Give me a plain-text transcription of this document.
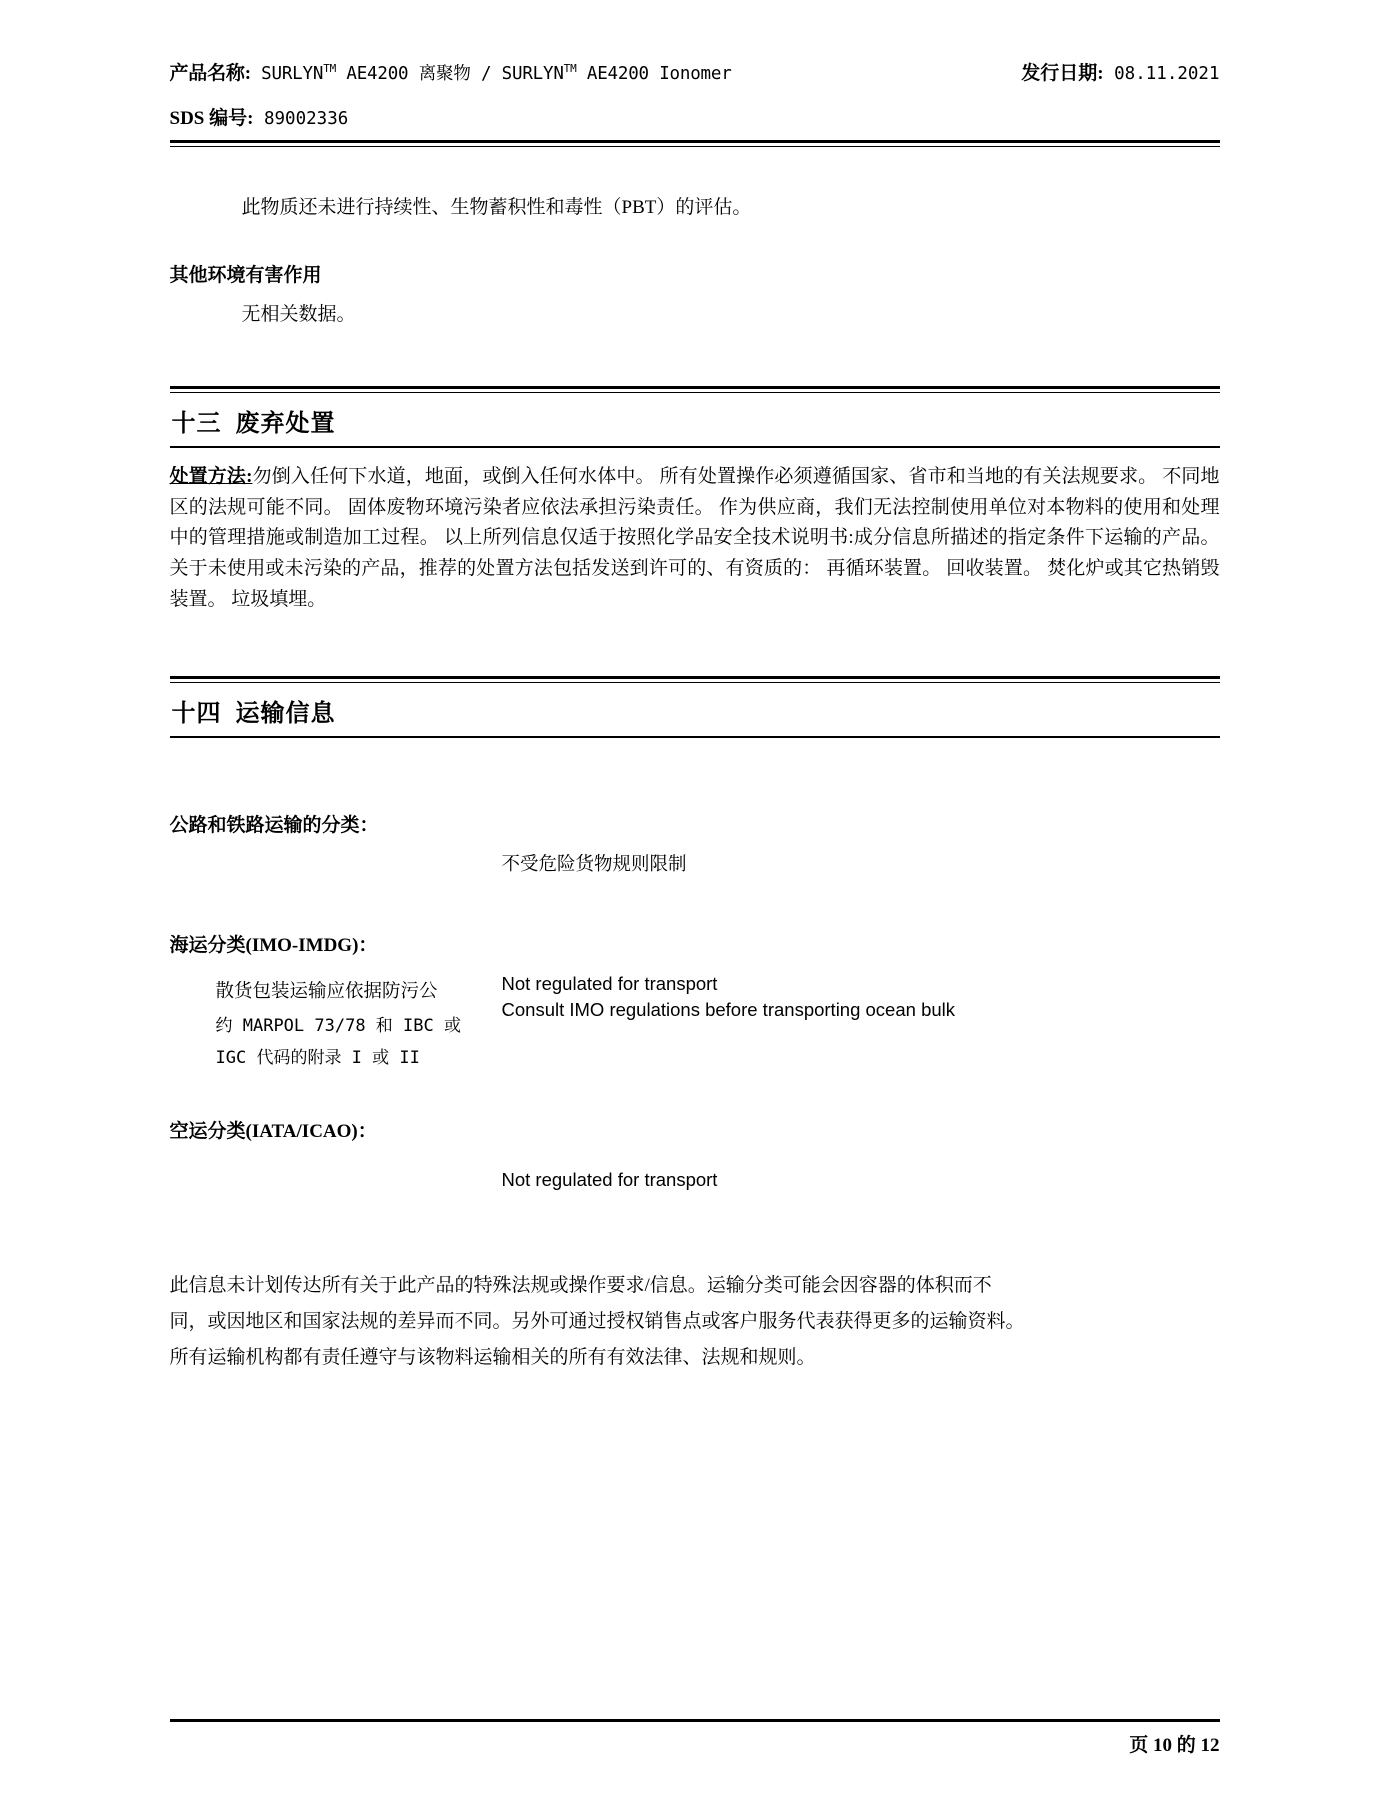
产品名称: SURLYN™ AE4200 离聚物 / SURLYN™ AE4200 Ionomer	发行日期: 08.11.2021
SDS 编号: 89002336
此物质还未进行持续性、生物蓄积性和毒性（PBT）的评估。
其他环境有害作用
无相关数据。
十三 废弃处置
处置方法:勿倒入任何下水道，地面，或倒入任何水体中。 所有处置操作必须遵循国家、省市和当地的有关法规要求。 不同地区的法规可能不同。 固体废物环境污染者应依法承担污染责任。 作为供应商，我们无法控制使用单位对本物料的使用和处理中的管理措施或制造加工过程。 以上所列信息仅适于按照化学品安全技术说明书:成分信息所描述的指定条件下运输的产品。 关于未使用或未污染的产品，推荐的处置方法包括发送到许可的、有资质的： 再循环装置。 回收装置。 焚化炉或其它热销毁装置。 垃圾填埋。
十四 运输信息
公路和铁路运输的分类：
不受危险货物规则限制
海运分类(IMO-IMDG)：
散货包装运输应依据防污公
约 MARPOL 73/78 和 IBC 或
IGC 代码的附录 I 或 II
Not regulated for transport
Consult IMO regulations before transporting ocean bulk
空运分类(IATA/ICAO)：
Not regulated for transport
此信息未计划传达所有关于此产品的特殊法规或操作要求/信息。运输分类可能会因容器的体积而不
同，或因地区和国家法规的差异而不同。另外可通过授权销售点或客户服务代表获得更多的运输资料。
所有运输机构都有责任遵守与该物料运输相关的所有有效法律、法规和规则。
页 10 的 12
